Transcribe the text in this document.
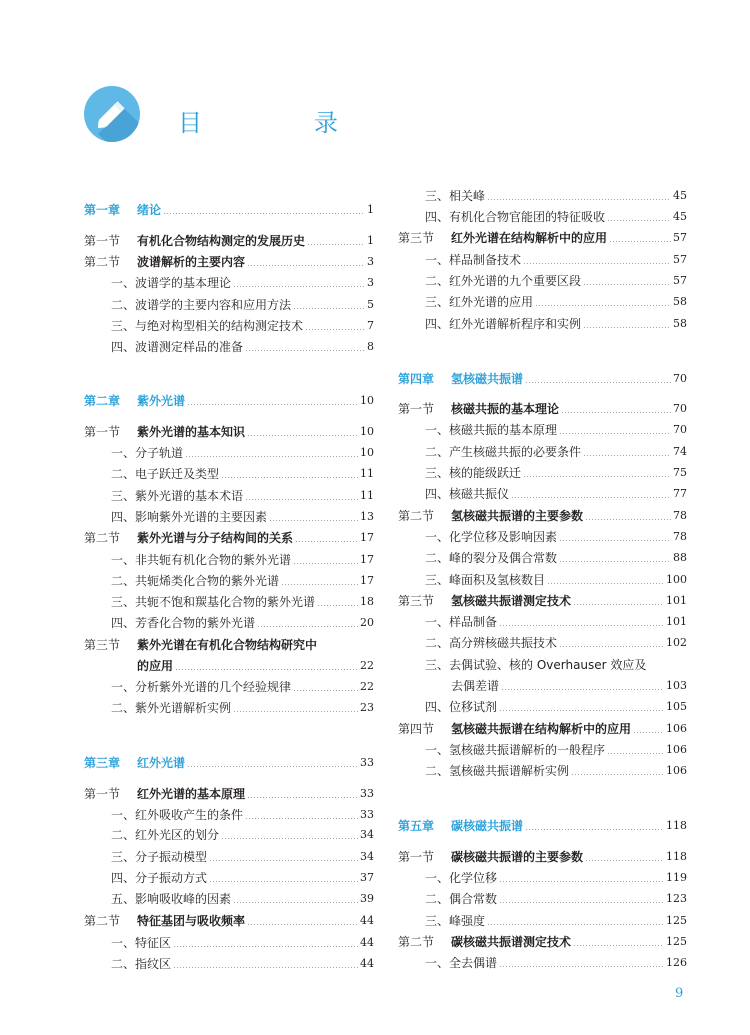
目　录
第一章	绪论	1
第一节	有机化合物结构测定的发展历史	1
第二节	波谱解析的主要内容	3
一、波谱学的基本理论	3
二、波谱学的主要内容和应用方法	5
三、与绝对构型相关的结构测定技术	7
四、波谱测定样品的准备	8
第二章	紫外光谱	10
第一节	紫外光谱的基本知识	10
一、分子轨道	10
二、电子跃迁及类型	11
三、紫外光谱的基本术语	11
四、影响紫外光谱的主要因素	13
第二节	紫外光谱与分子结构间的关系	17
一、非共轭有机化合物的紫外光谱	17
二、共轭烯类化合物的紫外光谱	17
三、共轭不饱和羰基化合物的紫外光谱	18
四、芳香化合物的紫外光谱	20
第三节	紫外光谱在有机化合物结构研究中
的应用	22
一、分析紫外光谱的几个经验规律	22
二、紫外光谱解析实例	23
第三章	红外光谱	33
第一节	红外光谱的基本原理	33
一、红外吸收产生的条件	33
二、红外光区的划分	34
三、分子振动模型	34
四、分子振动方式	37
五、影响吸收峰的因素	39
第二节	特征基团与吸收频率	44
一、特征区	44
二、指纹区	44
三、相关峰	45
四、有机化合物官能团的特征吸收	45
第三节	红外光谱在结构解析中的应用	57
一、样品制备技术	57
二、红外光谱的九个重要区段	57
三、红外光谱的应用	58
四、红外光谱解析程序和实例	58
第四章	氢核磁共振谱	70
第一节	核磁共振的基本理论	70
一、核磁共振的基本原理	70
二、产生核磁共振的必要条件	74
三、核的能级跃迁	75
四、核磁共振仪	77
第二节	氢核磁共振谱的主要参数	78
一、化学位移及影响因素	78
二、峰的裂分及偶合常数	88
三、峰面积及氢核数目	100
第三节	氢核磁共振谱测定技术	101
一、样品制备	101
二、高分辨核磁共振技术	102
三、去偶试验、核的 Overhauser 效应及
去偶差谱	103
四、位移试剂	105
第四节	氢核磁共振谱在结构解析中的应用	106
一、氢核磁共振谱解析的一般程序	106
二、氢核磁共振谱解析实例	106
第五章	碳核磁共振谱	118
第一节	碳核磁共振谱的主要参数	118
一、化学位移	119
二、偶合常数	123
三、峰强度	125
第二节	碳核磁共振谱测定技术	125
一、全去偶谱	126
9
